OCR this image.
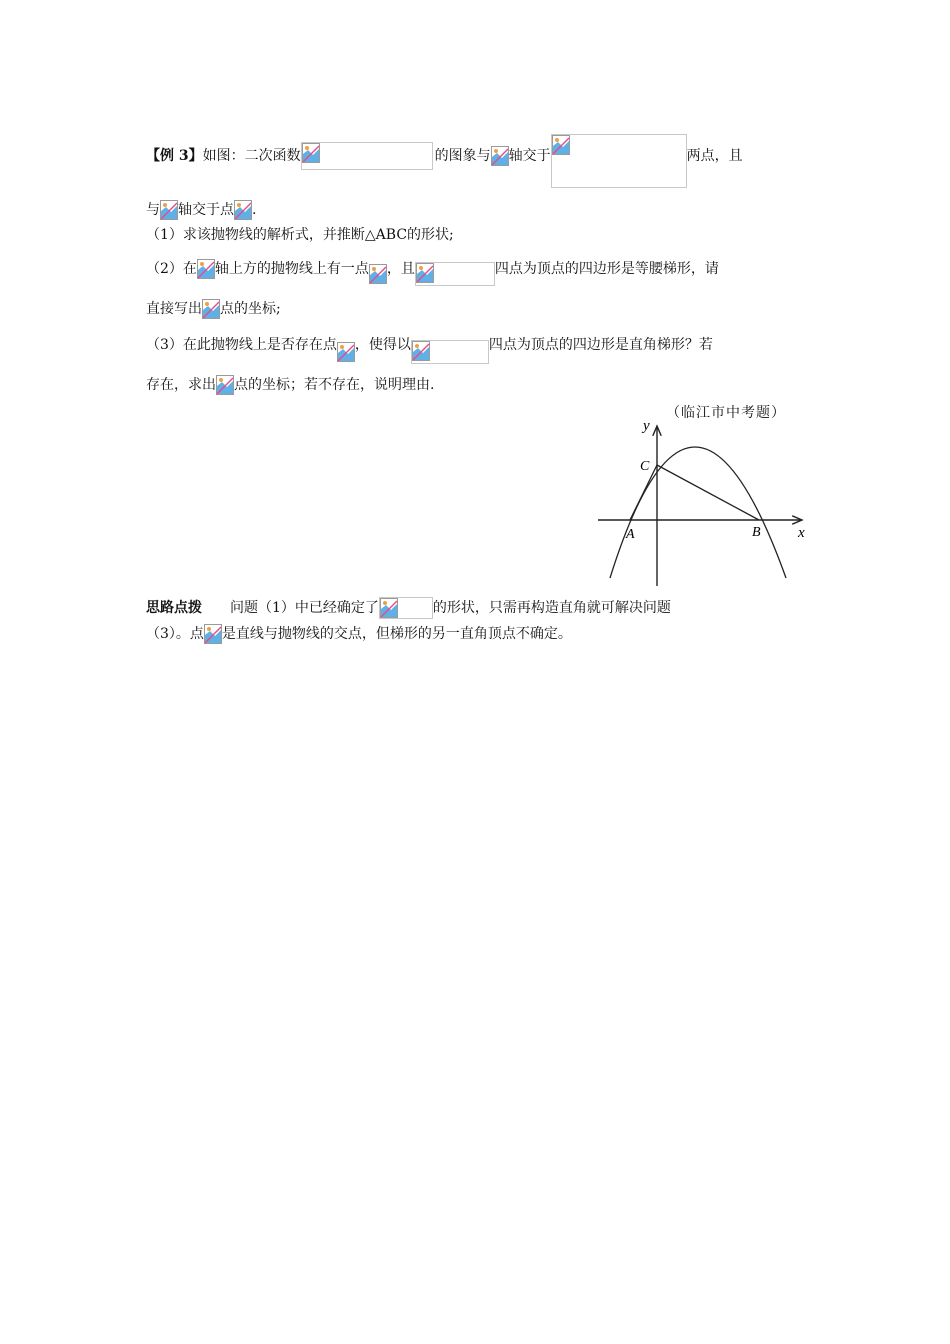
【例 3】如图：二次函数	的图象与 轴交于	两点，且
与 轴交于点 .
（1）求该抛物线的解析式，并推断△ABC的形状;
（2）在 轴上方的抛物线上有一点 ，且	四点为顶点的四边形是等腰梯形，请
直接写出 点的坐标;
（3）在此抛物线上是否存在点 ，使得以	四点为顶点的四边形是直角梯形？若
存在，求出 点的坐标；若不存在，说明理由.
（临江市中考题）
y
x
C
A	B
思路点拨 问题（1）中已经确定了	的形状，只需再构造直角就可解决问题
（3）。点 是直线与抛物线的交点，但梯形的另一直角顶点不确定。
